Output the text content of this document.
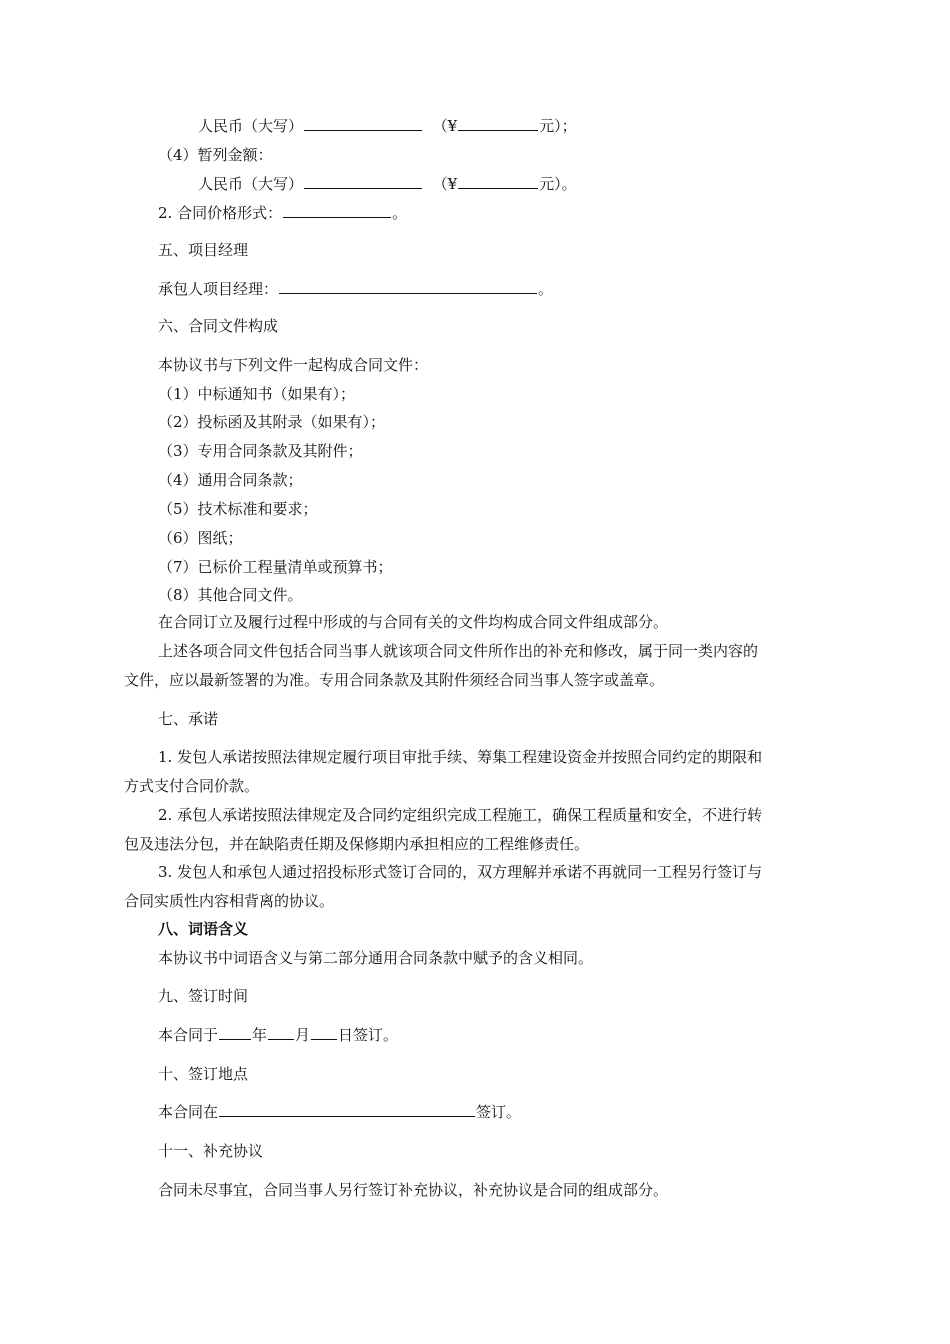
人民币（大写）	（¥	元）；
（4）暂列金额：
人民币（大写）	（¥	元）。
2. 合同价格形式：	。
五、项目经理
承包人项目经理：	。
六、合同文件构成
本协议书与下列文件一起构成合同文件：
（1）中标通知书（如果有）；
（2）投标函及其附录（如果有）；
（3）专用合同条款及其附件；
（4）通用合同条款；
（5）技术标准和要求；
（6）图纸；
（7）已标价工程量清单或预算书；
（8）其他合同文件。
在合同订立及履行过程中形成的与合同有关的文件均构成合同文件组成部分。
上述各项合同文件包括合同当事人就该项合同文件所作出的补充和修改，属于同一类内容的
文件，应以最新签署的为准。专用合同条款及其附件须经合同当事人签字或盖章。
七、承诺
1. 发包人承诺按照法律规定履行项目审批手续、筹集工程建设资金并按照合同约定的期限和
方式支付合同价款。
2. 承包人承诺按照法律规定及合同约定组织完成工程施工，确保工程质量和安全，不进行转
包及违法分包，并在缺陷责任期及保修期内承担相应的工程维修责任。
3. 发包人和承包人通过招投标形式签订合同的，双方理解并承诺不再就同一工程另行签订与
合同实质性内容相背离的协议。
八、词语含义
本协议书中词语含义与第二部分通用合同条款中赋予的含义相同。
九、签订时间
本合同于 年 月 日签订。
十、签订地点
本合同在	签订。
十一、补充协议
合同未尽事宜，合同当事人另行签订补充协议，补充协议是合同的组成部分。
